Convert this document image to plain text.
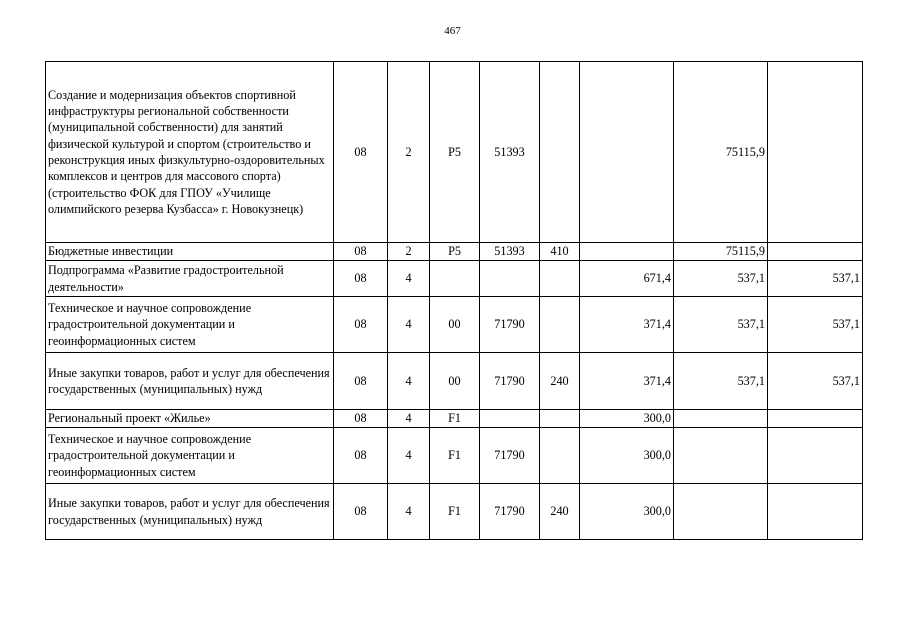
467
Создание и модернизация объектов спортивной инфраструктуры региональной собственности (муниципальной собственности) для занятий физической культурой и спортом (строительство и реконструкция иных физкультурно-оздоровительных комплексов и центров для массового спорта) (строительство ФОК для ГПОУ «Училище олимпийского резерва Кузбасса» г. Новокузнецк)	08	2	P5	51393			75115,9	
Бюджетные инвестиции	08	2	P5	51393	410		75115,9	
Подпрограмма «Развитие градостроительной деятельности»	08	4				671,4	537,1	537,1
Техническое и научное сопровождение градостроительной документации и геоинформационных систем	08	4	00	71790		371,4	537,1	537,1
Иные закупки товаров, работ и услуг для обеспечения государственных (муниципальных) нужд	08	4	00	71790	240	371,4	537,1	537,1
Региональный проект «Жилье»	08	4	F1			300,0		
Техническое и научное сопровождение градостроительной документации и геоинформационных систем	08	4	F1	71790		300,0		
Иные закупки товаров, работ и услуг для обеспечения государственных (муниципальных) нужд	08	4	F1	71790	240	300,0		
